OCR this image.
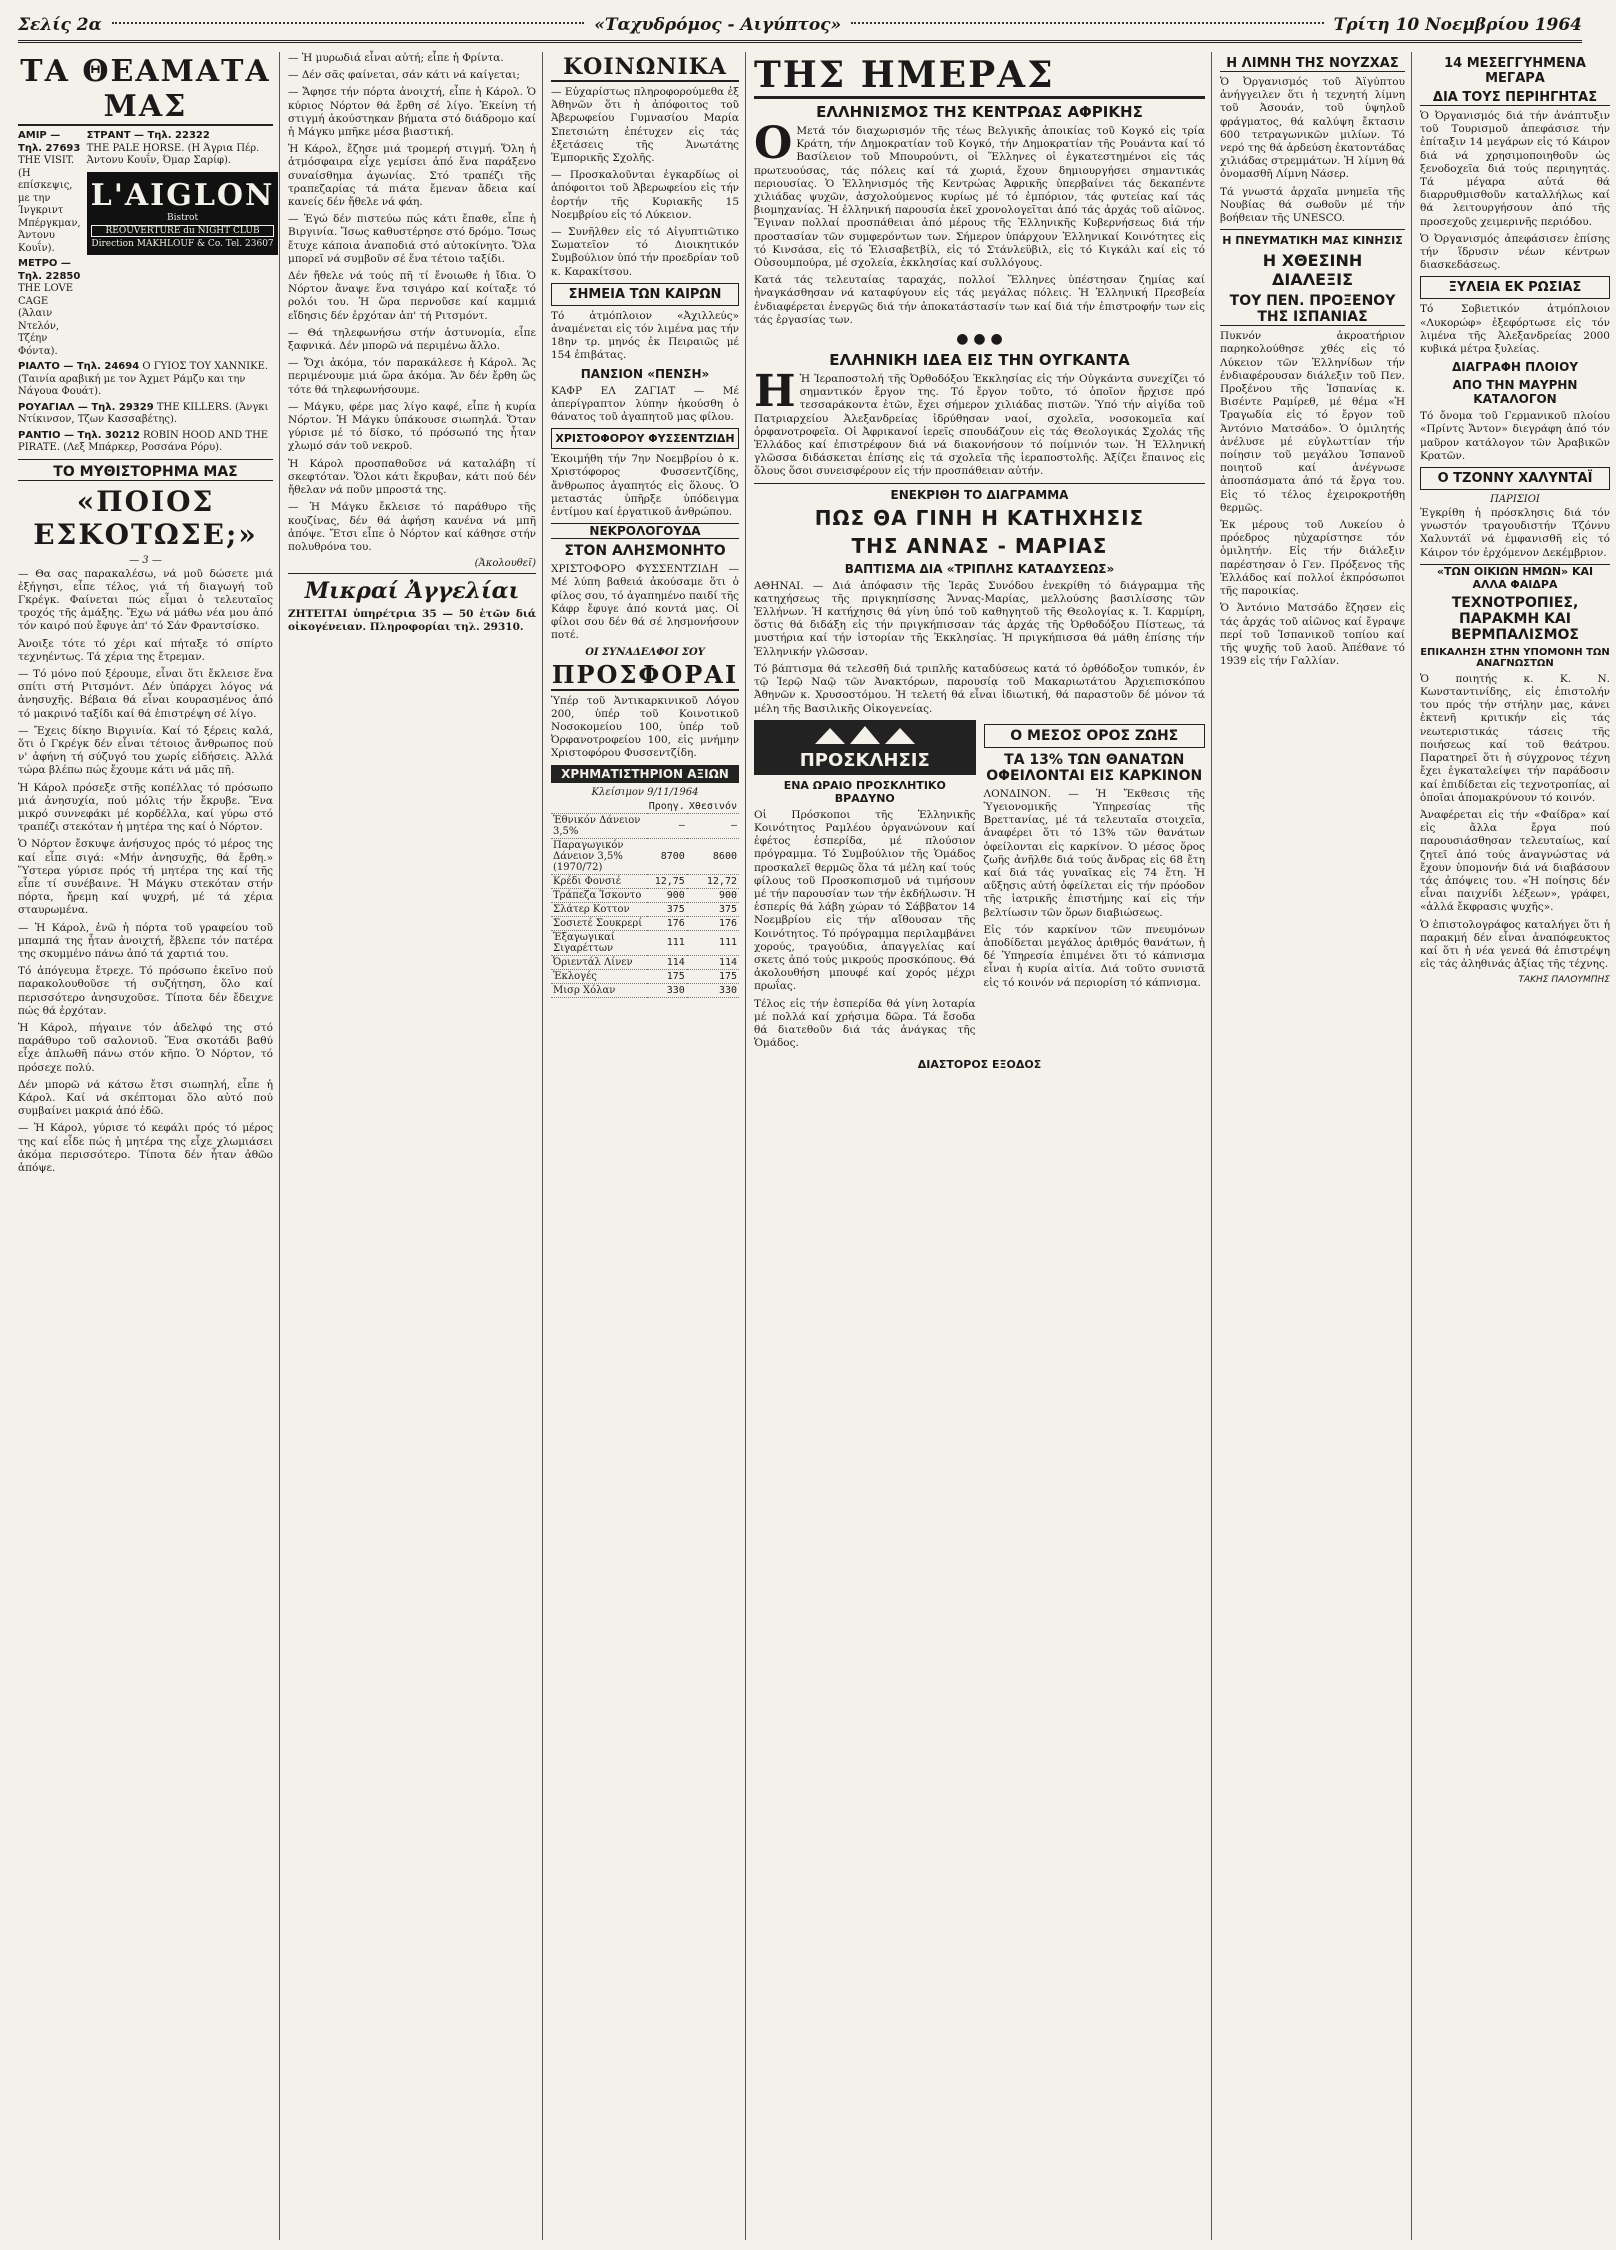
Σελίς 2α	«Ταχυδρόμος - Αιγύπτος»	Τρίτη 10 Νοεμβρίου 1964
ΤΑ ΘΕΑΜΑΤΑ ΜΑΣ

ΑΜΙΡ — Τηλ. 27693
THE VISIT. (Η επίσκεψις, με την Ίνγκριντ Μπέργκμαν, Άντονυ Κουΐν).

ΜΕΤΡΟ — Τηλ. 22850
THE LOVE CAGE (Άλαιν Ντελόν, Τζέην Φόντα).

ΣΤΡΑΝΤ — Τηλ. 22322
THE PALE HORSE. (Η Άγρια Πέρ. Άντονυ Κουΐν, Όμαρ Σαρίφ).

L'AIGLON
Bistrot
REOUVERTURE du NIGHT CLUB
Direction MAKHLOUF & Co. Tel. 23607

ΡΙΑΛΤΟ — Τηλ. 24694 Ο ΓΥΙΟΣ ΤΟΥ ΧΑΝΝΙΚΕ. (Ταινία αραβική με τον Άχμετ Ράμζυ και την Νάγουα Φουάτ).

ΡΟΥΑΓΙΑΛ — Τηλ. 29329 THE KILLERS. (Άνγκι Ντίκινσον, Τζων Κασσαβέτης).

ΡΑΝΤΙΟ — Τηλ. 30212 ROBIN HOOD AND THE PIRATE. (Λεξ Μπάρκερ, Ροσσάνα Ρόρυ).

ΤΟ ΜΥΘΙΣΤΟΡΗΜΑ ΜΑΣ
«ΠΟΙΟΣ ΕΣΚΟΤΩΣΕ;»
— 3 —

— Θα σας παρακαλέσω, νά μοῦ δώσετε μιά ἐξήγησι, εἶπε τέλος, γιά τή διαγωγή τοῦ Γκρέγκ. Φαίνεται πώς εἶμαι ὁ τελευταῖος τροχός τῆς ἁμάξης. Ἔχω νά μάθω νέα μου ἀπό τόν καιρό πού ἔφυγε ἀπ' τό Σάν Φραντσίσκο.

Ἀνοιξε τότε τό χέρι καί πήταξε τό σπίρτο τεχνηέντως. Τά χέρια της ἔτρεμαν.

— Τό μόνο πού ξέρουμε, εἶναι ὅτι ἔκλεισε ἕνα σπίτι στή Ριτσμόντ. Δέν ὑπάρχει λόγος νά ἀνησυχῆς. Βέβαια θά εἶναι κουρασμένος ἀπό τό μακρινό ταξίδι καί θά ἐπιστρέψη σέ λίγο.

— Ἔχεις δίκηο Βιργινία. Καί τό ξέρεις καλά, ὅτι ὁ Γκρέγκ δέν εἶναι τέτοιος ἄνθρωπος πού ν' ἀφήνη τή σύζυγό του χωρίς εἰδήσεις. Ἀλλά τώρα βλέπω πώς ἔχουμε κάτι νά μᾶς πῆ.

Ἡ Κάρολ πρόσεξε στῆς κοπέλλας τό πρόσωπο μιά ἀνησυχία, πού μόλις τήν ἔκρυβε. Ἔνα μικρό συννεφάκι μέ κορδέλλα, καί γύρω στό τραπέζι στεκόταν ἡ μητέρα της καί ὁ Νόρτον.

Ὁ Νόρτον ἔσκυψε ἀνήσυχος πρός τό μέρος της καί εἶπε σιγά: «Μήν ἀνησυχῆς, θά ἔρθη.» Ὕστερα γύρισε πρός τή μητέρα της καί τῆς εἶπε τί συνέβαινε. Ἡ Μάγκυ στεκόταν στήν πόρτα, ἤρεμη καί ψυχρή, μέ τά χέρια σταυρωμένα.

— Ἡ Κάρολ, ἐνῶ ἡ πόρτα τοῦ γραφείου τοῦ μπαμπά της ἦταν ἀνοιχτή, ἔβλεπε τόν πατέρα της σκυμμένο πάνω ἀπό τά χαρτιά του.

Τό ἀπόγευμα ἔτρεχε. Τό πρόσωπο ἐκεῖνο πού παρακολουθοῦσε τή συζήτηση, ὅλο καί περισσότερο ἀνησυχοῦσε. Τίποτα δέν ἔδειχνε πώς θά ἐρχόταν.

Ἡ Κάρολ, πήγαινε τόν ἀδελφό της στό παράθυρο τοῦ σαλονιοῦ. Ἕνα σκοτάδι βαθύ εἶχε ἁπλωθῆ πάνω στόν κῆπο. Ὁ Νόρτον, τό πρόσεχε πολύ.

Δέν μπορῶ νά κάτσω ἔτσι σιωπηλή, εἶπε ἡ Κάρολ. Καί νά σκέπτομαι ὅλο αὐτό πού συμβαίνει μακριά ἀπό ἐδῶ.

— Ἡ Κάρολ, γύρισε τό κεφάλι πρός τό μέρος της καί εἶδε πώς ἡ μητέρα της εἶχε χλωμιάσει ἀκόμα περισσότερο. Τίποτα δέν ἦταν ἀθῶο ἀπόψε.

— Ἡ μυρωδιά εἶναι αὐτή; εἶπε ἡ Φρίντα.

— Δέν σᾶς φαίνεται, σάν κάτι νά καίγεται;

— Ἄφησε τήν πόρτα ἀνοιχτή, εἶπε ἡ Κάρολ. Ὁ κύριος Νόρτον θά ἔρθη σέ λίγο. Ἐκείνη τή στιγμή ἀκούστηκαν βήματα στό διάδρομο καί ἡ Μάγκυ μπῆκε μέσα βιαστική.

Ἡ Κάρολ, ἔζησε μιά τρομερή στιγμή. Ὅλη ἡ ἀτμόσφαιρα εἶχε γεμίσει ἀπό ἕνα παράξενο συναίσθημα ἀγωνίας. Στό τραπέζι τῆς τραπεζαρίας τά πιάτα ἔμεναν ἄδεια καί κανείς δέν ἤθελε νά φάη.

— Ἐγώ δέν πιστεύω πώς κάτι ἔπαθε, εἶπε ἡ Βιργινία. Ἴσως καθυστέρησε στό δρόμο. Ἴσως ἔτυχε κάποια ἀναποδιά στό αὐτοκίνητο. Ὅλα μπορεῖ νά συμβοῦν σέ ἕνα τέτοιο ταξίδι.

Δέν ἤθελε νά τούς πῆ τί ἔνοιωθε ἡ ἴδια. Ὁ Νόρτον ἄναψε ἕνα τσιγάρο καί κοίταξε τό ρολόι του. Ἡ ὥρα περνοῦσε καί καμμιά εἴδησις δέν ἐρχόταν ἀπ' τή Ριτσμόντ.

— Θά τηλεφωνήσω στήν ἀστυνομία, εἶπε ξαφνικά. Δέν μπορῶ νά περιμένω ἄλλο.

— Ὄχι ἀκόμα, τόν παρακάλεσε ἡ Κάρολ. Ἄς περιμένουμε μιά ὥρα ἀκόμα. Ἄν δέν ἔρθη ὥς τότε θά τηλεφωνήσουμε.

— Μάγκυ, φέρε μας λίγο καφέ, εἶπε ἡ κυρία Νόρτον. Ἡ Μάγκυ ὑπάκουσε σιωπηλά. Ὅταν γύρισε μέ τό δίσκο, τό πρόσωπό της ἦταν χλωμό σάν τοῦ νεκροῦ.

Ἡ Κάρολ προσπαθοῦσε νά καταλάβη τί σκεφτόταν. Ὅλοι κάτι ἔκρυβαν, κάτι πού δέν ἤθελαν νά ποῦν μπροστά της.

— Ἡ Μάγκυ ἔκλεισε τό παράθυρο τῆς κουζίνας, δέν θά ἀφήση κανένα νά μπῆ ἀπόψε. Ἔτσι εἶπε ὁ Νόρτον καί κάθησε στήν πολυθρόνα του.

(Ἀκολουθεῖ)
Μικραί Ἀγγελίαι

ΖΗΤΕΙΤΑΙ ὑπηρέτρια 35 — 50 ἐτῶν διά οἰκογένειαν. Πληροφορίαι τηλ. 29310.

ΚΟΙΝΩΝΙΚΑ

— Εὐχαρίστως πληροφορούμεθα ἐξ Ἀθηνῶν ὅτι ἡ ἀπόφοιτος τοῦ Ἀβερωφείου Γυμνασίου Μαρία Σπετσιώτη ἐπέτυχεν εἰς τάς ἐξετάσεις τῆς Ἀνωτάτης Ἐμπορικῆς Σχολῆς.

— Προσκαλοῦνται ἐγκαρδίως οἱ ἀπόφοιτοι τοῦ Ἀβερωφείου εἰς τήν ἐορτήν τῆς Κυριακῆς 15 Νοεμβρίου εἰς τό Λύκειον.

— Συνῆλθεν εἰς τό Αἰγυπτιῶτικο Σωματεῖον τό Διοικητικόν Συμβούλιον ὑπό τήν προεδρίαν τοῦ κ. Καρακίτσου.

ΣΗΜΕΙΑ ΤΩΝ ΚΑΙΡΩΝ

Τό ἀτμόπλοιον «Ἀχιλλεύς» ἀναμένεται εἰς τόν λιμένα μας τήν 18ην τρ. μηνός ἐκ Πειραιῶς μέ 154 ἐπιβάτας.

ΠΑΝΣΙΟΝ «ΠΕΝΣΗ»

ΚΑΦΡ ΕΛ ΖΑΓΙΑΤ — Μέ ἀπερίγραπτον λύπην ἠκούσθη ὁ θάνατος τοῦ ἀγαπητοῦ μας φίλου.

ΧΡΙΣΤΟΦΟΡΟΥ ΦΥΣΣΕΝΤΖΙΔΗ

Ἐκοιμήθη τήν 7ην Νοεμβρίου ὁ κ. Χριστόφορος Φυσσεντζίδης, ἄνθρωπος ἀγαπητός εἰς ὅλους. Ὁ μεταστάς ὑπῆρξε ὑπόδειγμα ἐντίμου καί ἐργατικοῦ ἀνθρώπου.

ΝΕΚΡΟΛΟΓΟΥΔΑ
ΣΤΟΝ ΑΛΗΣΜΟΝΗΤΟ

ΧΡΙΣΤΟΦΟΡΟ ΦΥΣΣΕΝΤΖΙΔΗ — Μέ λύπη βαθειά ἀκούσαμε ὅτι ὁ φίλος σου, τό ἀγαπημένο παιδί τῆς Κάφρ ἔφυγε ἀπό κοντά μας. Οἱ φίλοι σου δέν θά σέ λησμονήσουν ποτέ.

ΟΙ ΣΥΝΑΔΕΛΦΟΙ ΣΟΥ
ΠΡΟΣΦΟΡΑΙ

Ὑπέρ τοῦ Ἀντικαρκινικοῦ Λόγου 200, ὑπέρ τοῦ Κοινοτικοῦ Νοσοκομείου 100, ὑπέρ τοῦ Ὀρφανοτροφείου 100, εἰς μνήμην Χριστοφόρου Φυσσεντζίδη.

ΧΡΗΜΑΤΙΣΤΗΡΙΟΝ ΑΞΙΩΝ
Κλείσιμον 9/11/1964
	Προηγ.	Χθεσινόν
Ἐθνικόν Δάνειον 3,5%	—	—
Παραγωγικόν Δάνειον 3,5% (1970/72)	8700	8600
Κρέδι Φονσιέ	12,75	12,72
Τράπεζα Ἰσκοντο	900	900
Σλάτερ Κοττον	375	375
Σοσιετέ Σουκρερί	176	176
Ἐξαγωγικαί Σιγαρέττων	111	111
Ὀριεντάλ Λίνεν	114	114
Ἐκλογές	175	175
Μισρ Χόλαν	330	330
ΤΗΣ ΗΜΕΡΑΣ
ΕΛΛΗΝΙΣΜΟΣ ΤΗΣ ΚΕΝΤΡΩΑΣ ΑΦΡΙΚΗΣ

Ο Μετά τόν διαχωρισμόν τῆς τέως Βελγικῆς ἀποικίας τοῦ Κογκό εἰς τρία Κράτη, τήν Δημοκρατίαν τοῦ Κογκό, τήν Δημοκρατίαν τῆς Ρουάντα καί τό Βασίλειον τοῦ Μπουρούντι, οἱ Ἕλληνες οἱ ἐγκατεστημένοι εἰς τάς πρωτευούσας, τάς πόλεις καί τά χωριά, ἔχουν δημιουργήσει σημαντικάς περιουσίας. Ὁ Ἑλληνισμός τῆς Κεντρώας Ἀφρικῆς ὑπερβαίνει τάς δεκαπέντε χιλιάδας ψυχῶν, ἀσχολούμενος κυρίως μέ τό ἐμπόριον, τάς φυτείας καί τάς βιομηχανίας. Ἡ ἑλληνική παρουσία ἐκεῖ χρονολογεῖται ἀπό τάς ἀρχάς τοῦ αἰῶνος. Ἔγιναν πολλαί προσπάθειαι ἀπό μέρους τῆς Ἑλληνικῆς Κυβερνήσεως διά τήν προστασίαν τῶν συμφερόντων των. Σήμερον ὑπάρχουν Ἑλληνικαί Κοινότητες εἰς τό Κινσάσα, εἰς τό Ἐλισαβετβίλ, εἰς τό Στάνλεϋβιλ, εἰς τό Κιγκάλι καί εἰς τό Οὐσουμπούρα, μέ σχολεία, ἐκκλησίας καί συλλόγους.

Κατά τάς τελευταίας ταραχάς, πολλοί Ἕλληνες ὑπέστησαν ζημίας καί ἠναγκάσθησαν νά καταφύγουν εἰς τάς μεγάλας πόλεις. Ἡ Ἑλληνική Πρεσβεία ἐνδιαφέρεται ἐνεργῶς διά τήν ἀποκατάστασίν των καί διά τήν ἐπιστροφήν των εἰς τάς ἐργασίας των.

● ● ●
ΕΛΛΗΝΙΚΗ ΙΔΕΑ ΕΙΣ ΤΗΝ ΟΥΓΚΑΝΤΑ

Η Ἡ Ἱεραποστολή τῆς Ὀρθοδόξου Ἐκκλησίας εἰς τήν Οὐγκάντα συνεχίζει τό σημαντικόν ἔργον της. Τό ἔργον τοῦτο, τό ὁποῖον ἤρχισε πρό τεσσαράκοντα ἐτῶν, ἔχει σήμερον χιλιάδας πιστῶν. Ὑπό τήν αἰγίδα τοῦ Πατριαρχείου Ἀλεξανδρείας ἱδρύθησαν ναοί, σχολεῖα, νοσοκομεῖα καί ὀρφανοτροφεῖα. Οἱ Ἀφρικανοί ἱερεῖς σπουδάζουν εἰς τάς Θεολογικάς Σχολάς τῆς Ἑλλάδος καί ἐπιστρέφουν διά νά διακονήσουν τό ποίμνιόν των. Ἡ Ἑλληνική γλῶσσα διδάσκεται ἐπίσης εἰς τά σχολεῖα τῆς ἱεραποστολῆς. Ἀξίζει ἔπαινος εἰς ὅλους ὅσοι συνεισφέρουν εἰς τήν προσπάθειαν αὐτήν.

ΕΝΕΚΡΙΘΗ ΤΟ ΔΙΑΓΡΑΜΜΑ
ΠΩΣ ΘΑ ΓΙΝΗ Η ΚΑΤΗΧΗΣΙΣ
ΤΗΣ ΑΝΝΑΣ - ΜΑΡΙΑΣ
ΒΑΠΤΙΣΜΑ ΔΙΑ «ΤΡΙΠΛΗΣ ΚΑΤΑΔΥΣΕΩΣ»

ΑΘΗΝΑΙ. — Διά ἀπόφασιν τῆς Ἱερᾶς Συνόδου ἐνεκρίθη τό διάγραμμα τῆς κατηχήσεως τῆς πριγκηπίσσης Ἄννας-Μαρίας, μελλούσης βασιλίσσης τῶν Ἑλλήνων. Ἡ κατήχησις θά γίνη ὑπό τοῦ καθηγητοῦ τῆς Θεολογίας κ. Ἰ. Καρμίρη, ὅστις θά διδάξη εἰς τήν πριγκήπισσαν τάς ἀρχάς τῆς Ὀρθοδόξου Πίστεως, τά μυστήρια καί τήν ἱστορίαν τῆς Ἐκκλησίας. Ἡ πριγκήπισσα θά μάθη ἐπίσης τήν Ἑλληνικήν γλῶσσαν.

Τό βάπτισμα θά τελεσθῆ διά τριπλῆς καταδύσεως κατά τό ὀρθόδοξον τυπικόν, ἐν τῷ Ἱερῷ Ναῷ τῶν Ἀνακτόρων, παρουσίᾳ τοῦ Μακαριωτάτου Ἀρχιεπισκόπου Ἀθηνῶν κ. Χρυσοστόμου. Ἡ τελετή θά εἶναι ἰδιωτική, θά παραστοῦν δέ μόνον τά μέλη τῆς Βασιλικῆς Οἰκογενείας.

ΠΡΟΣΚΛΗΣΙΣ
ΕΝΑ ΩΡΑΙΟ ΠΡΟΣΚΛΗΤΙΚΟ ΒΡΑΔΥΝΟ

Οἱ Πρόσκοποι τῆς Ἑλληνικῆς Κοινότητος Ραμλέου ὀργανώνουν καί ἐφέτος ἑσπερίδα, μέ πλούσιον πρόγραμμα. Τό Συμβούλιον τῆς Ὁμάδος προσκαλεῖ θερμῶς ὅλα τά μέλη καί τούς φίλους τοῦ Προσκοπισμοῦ νά τιμήσουν μέ τήν παρουσίαν των τήν ἐκδήλωσιν. Ἡ ἑσπερίς θά λάβη χώραν τό Σάββατον 14 Νοεμβρίου εἰς τήν αἴθουσαν τῆς Κοινότητος. Τό πρόγραμμα περιλαμβάνει χορούς, τραγούδια, ἀπαγγελίας καί σκετς ἀπό τούς μικρούς προσκόπους. Θά ἀκολουθήση μπουφέ καί χορός μέχρι πρωΐας.

Τέλος εἰς τήν ἑσπερίδα θά γίνη λοταρία μέ πολλά καί χρήσιμα δῶρα. Τά ἔσοδα θά διατεθοῦν διά τάς ἀνάγκας τῆς Ὁμάδος.

Ο ΜΕΣΟΣ ΟΡΟΣ ΖΩΗΣ
ΤΑ 13% ΤΩΝ ΘΑΝΑΤΩΝ ΟΦΕΙΛΟΝΤΑΙ ΕΙΣ ΚΑΡΚΙΝΟΝ

ΛΟΝΔΙΝΟΝ. — Ἡ Ἔκθεσις τῆς Ὑγειονομικῆς Ὑπηρεσίας τῆς Βρεττανίας, μέ τά τελευταῖα στοιχεῖα, ἀναφέρει ὅτι τό 13% τῶν θανάτων ὀφείλονται εἰς καρκίνον. Ὁ μέσος ὅρος ζωῆς ἀνῆλθε διά τούς ἄνδρας εἰς 68 ἔτη καί διά τάς γυναῖκας εἰς 74 ἔτη. Ἡ αὔξησις αὐτή ὀφείλεται εἰς τήν πρόοδον τῆς ἰατρικῆς ἐπιστήμης καί εἰς τήν βελτίωσιν τῶν ὅρων διαβιώσεως.

Εἰς τόν καρκίνον τῶν πνευμόνων ἀποδίδεται μεγάλος ἀριθμός θανάτων, ἡ δέ Ὑπηρεσία ἐπιμένει ὅτι τό κάπνισμα εἶναι ἡ κυρία αἰτία. Διά τοῦτο συνιστᾶ εἰς τό κοινόν νά περιορίση τό κάπνισμα.

ΔΙΑΣΤΟΡΟΣ ΕΞΟΔΟΣ
Η ΛΙΜΝΗ ΤΗΣ ΝΟΥΖΧΑΣ

Ὁ Ὀργανισμός τοῦ Ἀϊγύπτου ἀνήγγειλεν ὅτι ἡ τεχνητή λίμνη τοῦ Ἀσουάν, τοῦ ὑψηλοῦ φράγματος, θά καλύψη ἔκτασιν 600 τετραγωνικῶν μιλίων. Τό νερό της θά ἀρδεύση ἐκατοντάδας χιλιάδας στρεμμάτων. Ἡ λίμνη θά ὀνομασθῆ Λίμνη Νάσερ.

Τά γνωστά ἀρχαῖα μνημεῖα τῆς Νουβίας θά σωθοῦν μέ τήν βοήθειαν τῆς UNESCO.

Η ΠΝΕΥΜΑΤΙΚΗ ΜΑΣ ΚΙΝΗΣΙΣ
Η ΧΘΕΣΙΝΗ ΔΙΑΛΕΞΙΣ
ΤΟΥ ΠΕΝ. ΠΡΟΞΕΝΟΥ ΤΗΣ ΙΣΠΑΝΙΑΣ

Πυκνόν ἀκροατήριον παρηκολούθησε χθές εἰς τό Λύκειον τῶν Ἑλληνίδων τήν ἐνδιαφέρουσαν διάλεξιν τοῦ Πεν. Προξένου τῆς Ἱσπανίας κ. Βισέντε Ραμίρεθ, μέ θέμα «Ἡ Τραγωδία εἰς τό ἔργον τοῦ Ἀντόνιο Ματσάδο». Ὁ ὁμιλητής ἀνέλυσε μέ εὐγλωττίαν τήν ποίησιν τοῦ μεγάλου Ἱσπανοῦ ποιητοῦ καί ἀνέγνωσε ἀποσπάσματα ἀπό τά ἔργα του. Εἰς τό τέλος ἐχειροκροτήθη θερμῶς.

Ἐκ μέρους τοῦ Λυκείου ὁ πρόεδρος ηὐχαρίστησε τόν ὁμιλητήν. Εἰς τήν διάλεξιν παρέστησαν ὁ Γεν. Πρόξενος τῆς Ἑλλάδος καί πολλοί ἐκπρόσωποι τῆς παροικίας.

Ὁ Ἀντόνιο Ματσάδο ἔζησεν εἰς τάς ἀρχάς τοῦ αἰῶνος καί ἔγραψε περί τοῦ Ἱσπανικοῦ τοπίου καί τῆς ψυχῆς τοῦ λαοῦ. Ἀπέθανε τό 1939 εἰς τήν Γαλλίαν.

14 ΜΕΣΕΓΓΥΗΜΕΝΑ ΜΕΓΑΡΑ
ΔΙΑ ΤΟΥΣ ΠΕΡΙΗΓΗΤΑΣ

Ὁ Ὀργανισμός διά τήν ἀνάπτυξιν τοῦ Τουρισμοῦ ἀπεφάσισε τήν ἐπίταξιν 14 μεγάρων εἰς τό Κάιρον διά νά χρησιμοποιηθοῦν ὡς ξενοδοχεῖα διά τούς περιηγητάς. Τά μέγαρα αὐτά θά διαρρυθμισθοῦν καταλλήλως καί θά λειτουργήσουν ἀπό τῆς προσεχοῦς χειμερινῆς περιόδου.

Ὁ Ὀργανισμός ἀπεφάσισεν ἐπίσης τήν ἵδρυσιν νέων κέντρων διασκεδάσεως.

ΞΥΛΕΙΑ ΕΚ ΡΩΣΙΑΣ

Τό Σοβιετικόν ἀτμόπλοιον «Λυκορώφ» ἐξεφόρτωσε εἰς τόν λιμένα τῆς Ἀλεξανδρείας 2000 κυβικά μέτρα ξυλείας.

ΔΙΑΓΡΑΦΗ ΠΛΟΙΟΥ
ΑΠΟ ΤΗΝ ΜΑΥΡΗΝ ΚΑΤΑΛΟΓΟΝ

Τό ὄνομα τοῦ Γερμανικοῦ πλοίου «Πρίντς Ἄντον» διεγράφη ἀπό τόν μαῦρον κατάλογον τῶν Ἀραβικῶν Κρατῶν.

Ο ΤΖΟΝΝΥ ΧΑΛΥΝΤΑΪ
ΠΑΡΙΣΙΟΙ

Ἐγκρίθη ἡ πρόσκλησις διά τόν γνωστόν τραγουδιστήν Τζόννυ Χαλυντάϊ νά ἐμφανισθῆ εἰς τό Κάιρον τόν ἐρχόμενον Δεκέμβριον.

«ΤΩΝ ΟΙΚΙΩΝ ΗΜΩΝ» ΚΑΙ ΑΛΛΑ ΦΑΙΔΡΑ
ΤΕΧΝΟΤΡΟΠΙΕΣ, ΠΑΡΑΚΜΗ ΚΑΙ ΒΕΡΜΠΑΛΙΣΜΟΣ
ΕΠΙΚΑΛΗΣΗ ΣΤΗΝ ΥΠΟΜΟΝΗ ΤΩΝ ΑΝΑΓΝΩΣΤΩΝ

Ὁ ποιητής κ. Κ. Ν. Κωνσταντινίδης, εἰς ἐπιστολήν του πρός τήν στήλην μας, κάνει ἐκτενῆ κριτικήν εἰς τάς νεωτεριστικάς τάσεις τῆς ποιήσεως καί τοῦ θεάτρου. Παρατηρεῖ ὅτι ἡ σύγχρονος τέχνη ἔχει ἐγκαταλείψει τήν παράδοσιν καί ἐπιδίδεται εἰς τεχνοτροπίας, αἱ ὁποῖαι ἀπομακρύνουν τό κοινόν.

Ἀναφέρεται εἰς τήν «Φαίδρα» καί εἰς ἄλλα ἔργα πού παρουσιάσθησαν τελευταίως, καί ζητεῖ ἀπό τούς ἀναγνώστας νά ἔχουν ὑπομονήν διά νά διαβάσουν τάς ἀπόψεις του. «Ἡ ποίησις δέν εἶναι παιχνίδι λέξεων», γράφει, «ἀλλά ἔκφρασις ψυχῆς».

Ὁ ἐπιστολογράφος καταλήγει ὅτι ἡ παρακμή δέν εἶναι ἀναπόφευκτος καί ὅτι ἡ νέα γενεά θά ἐπιστρέψη εἰς τάς ἀληθινάς ἀξίας τῆς τέχνης.

ΤΑΚΗΣ ΠΑΛΟΥΜΠΗΣ
